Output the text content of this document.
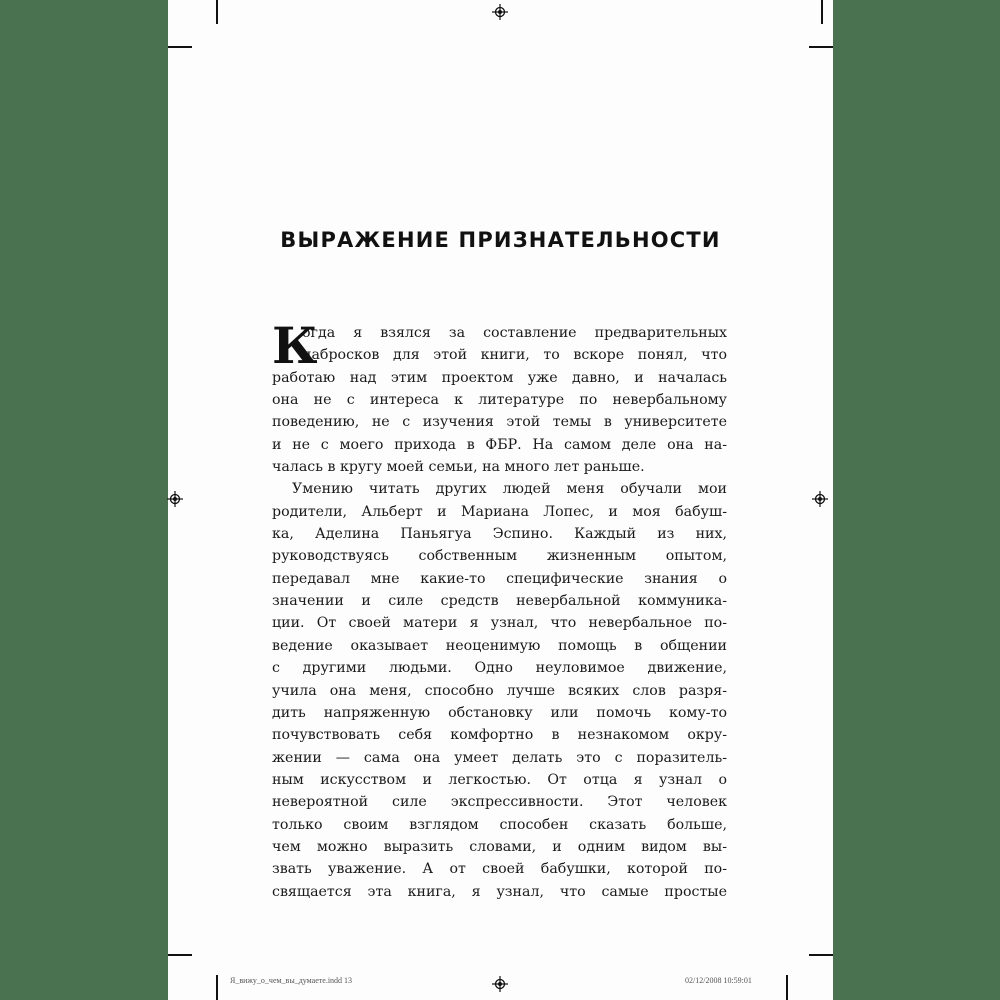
ВЫРАЖЕНИЕ ПРИЗНАТЕЛЬНОСТИ
К
огда я взялся за составление предварительных
набросков для этой книги, то вскоре понял, что
работаю над этим проектом уже давно, и началась
она не с интереса к литературе по невербальному
поведению, не с изучения этой темы в университете
и не с моего прихода в ФБР. На самом деле она на-
чалась в кругу моей семьи, на много лет раньше.
Умению читать других людей меня обучали мои
родители, Альберт и Мариана Лопес, и моя бабуш-
ка, Аделина Паньягуа Эспино. Каждый из них,
руководствуясь собственным жизненным опытом,
передавал мне какие-то специфические знания о
значении и силе средств невербальной коммуника-
ции. От своей матери я узнал, что невербальное по-
ведение оказывает неоценимую помощь в общении
с другими людьми. Одно неуловимое движение,
учила она меня, способно лучше всяких слов разря-
дить напряженную обстановку или помочь кому-то
почувствовать себя комфортно в незнакомом окру-
жении — сама она умеет делать это с поразитель-
ным искусством и легкостью. От отца я узнал о
невероятной силе экспрессивности. Этот человек
только своим взглядом способен сказать больше,
чем можно выразить словами, и одним видом вы-
звать уважение. А от своей бабушки, которой по-
свящается эта книга, я узнал, что самые простые
Я_вижу_о_чем_вы_думаете.indd 13	02/12/2008 10:59:01
